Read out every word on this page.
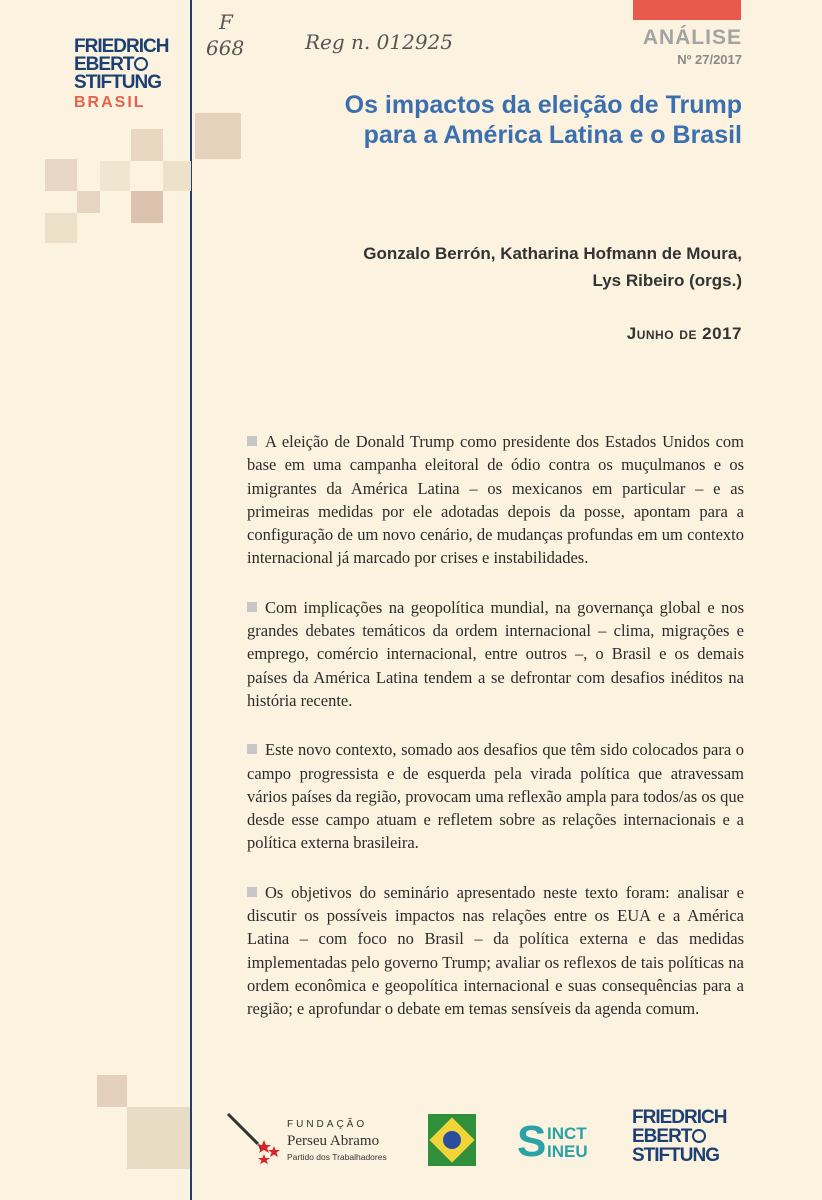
FRIEDRICH
EBERT
STIFTUNG
BRASIL
F
668	Reg n. 012925	ANÁLISE
Nº 27/2017
Os impactos da eleição de Trump
para a América Latina e o Brasil
Gonzalo Berrón, Katharina Hofmann de Moura,
Lys Ribeiro (orgs.)
Junho de 2017

A eleição de Donald Trump como presidente dos Estados Unidos com base em uma campanha eleitoral de ódio contra os muçulmanos e os imigrantes da América Latina – os mexicanos em particular – e as primeiras medidas por ele adotadas depois da posse, apontam para a configuração de um novo cenário, de mudanças profundas em um contexto internacional já marcado por crises e instabilidades.

Com implicações na geopolítica mundial, na governança global e nos grandes debates temáticos da ordem internacional – clima, migrações e emprego, comércio internacional, entre outros –, o Brasil e os demais países da América Latina tendem a se defrontar com desafios inéditos na história recente.

Este novo contexto, somado aos desafios que têm sido colocados para o campo progressista e de esquerda pela virada política que atravessam vários países da região, provocam uma reflexão ampla para todos/as os que desde esse campo atuam e refletem sobre as relações internacionais e a política externa brasileira.

Os objetivos do seminário apresentado neste texto foram: analisar e discutir os possíveis impactos nas relações entre os EUA e a América Latina – com foco no Brasil – da política externa e das medidas implementadas pelo governo Trump; avaliar os reflexos de tais políticas na ordem econômica e geopolítica internacional e suas consequências para a região; e aprofundar o debate em temas sensíveis da agenda comum.

FUNDAÇÃO
Perseu Abramo
Partido dos Trabalhadores	S INCT
INEU
FRIEDRICH
EBERT
STIFTUNG
